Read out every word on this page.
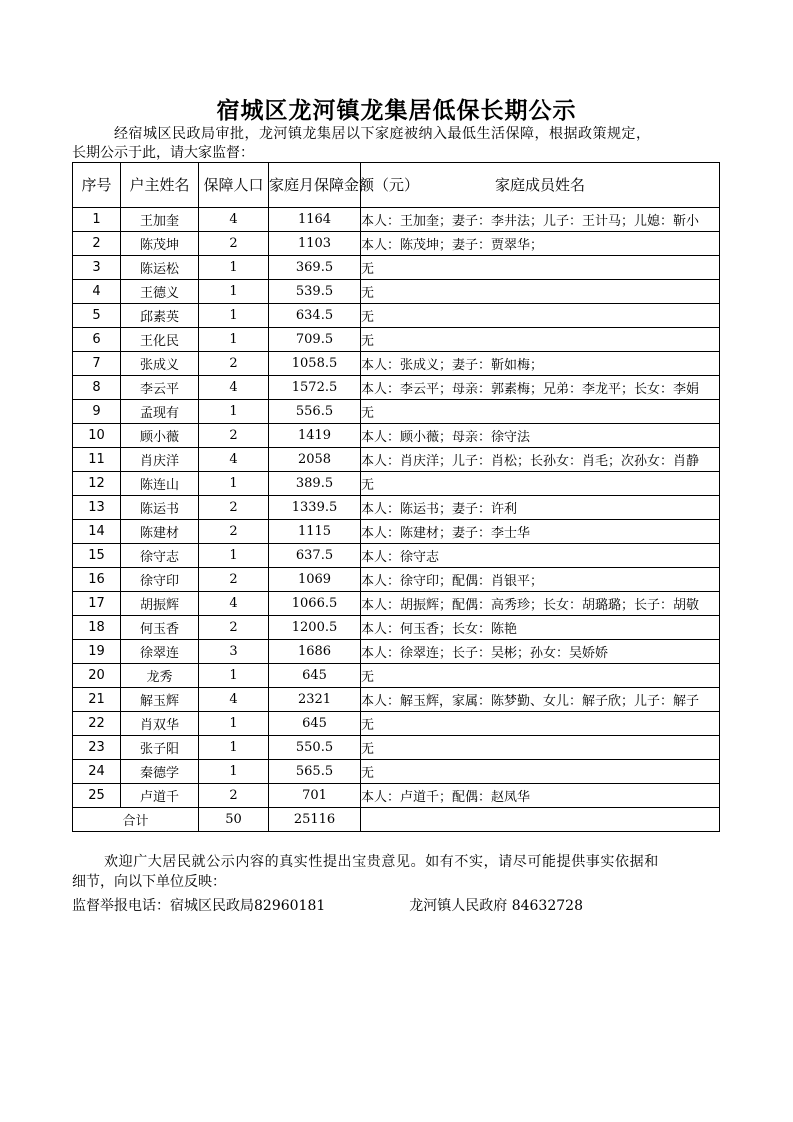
宿城区龙河镇龙集居低保长期公示
经宿城区民政局审批，龙河镇龙集居以下家庭被纳入最低生活保障，根据政策规定，
长期公示于此，请大家监督：
序号	户主姓名	保障人口	家庭月保障金额（元）	家庭成员姓名
1	王加奎	4	1164	本人：王加奎；妻子：李井法；儿子：王计马；儿媳：靳小
2	陈茂坤	2	1103	本人：陈茂坤；妻子：贾翠华；
3	陈运松	1	369.5	无
4	王德义	1	539.5	无
5	邱素英	1	634.5	无
6	王化民	1	709.5	无
7	张成义	2	1058.5	本人：张成义；妻子：靳如梅；
8	李云平	4	1572.5	本人：李云平；母亲：郭素梅；兄弟：李龙平；长女：李娟
9	孟现有	1	556.5	无
10	顾小薇	2	1419	本人：顾小薇；母亲：徐守法
11	肖庆洋	4	2058	本人：肖庆洋；儿子：肖松；长孙女：肖毛；次孙女：肖静
12	陈连山	1	389.5	无
13	陈运书	2	1339.5	本人：陈运书；妻子：许利
14	陈建材	2	1115	本人：陈建材；妻子：李士华
15	徐守志	1	637.5	本人：徐守志
16	徐守印	2	1069	本人：徐守印；配偶：肖银平；
17	胡振辉	4	1066.5	本人：胡振辉；配偶：高秀珍；长女：胡璐璐；长子：胡敬
18	何玉香	2	1200.5	本人：何玉香；长女：陈艳
19	徐翠连	3	1686	本人：徐翠连；长子：吴彬；孙女：吴娇娇
20	龙秀	1	645	无
21	解玉辉	4	2321	本人：解玉辉，家属：陈梦勤、女儿：解子欣；儿子：解子
22	肖双华	1	645	无
23	张子阳	1	550.5	无
24	秦德学	1	565.5	无
25	卢道千	2	701	本人：卢道千；配偶：赵凤华
合计		50	25116	
欢迎广大居民就公示内容的真实性提出宝贵意见。如有不实，请尽可能提供事实依据和
细节，向以下单位反映：
监督举报电话：宿城区民政局82960181	龙河镇人民政府 84632728
